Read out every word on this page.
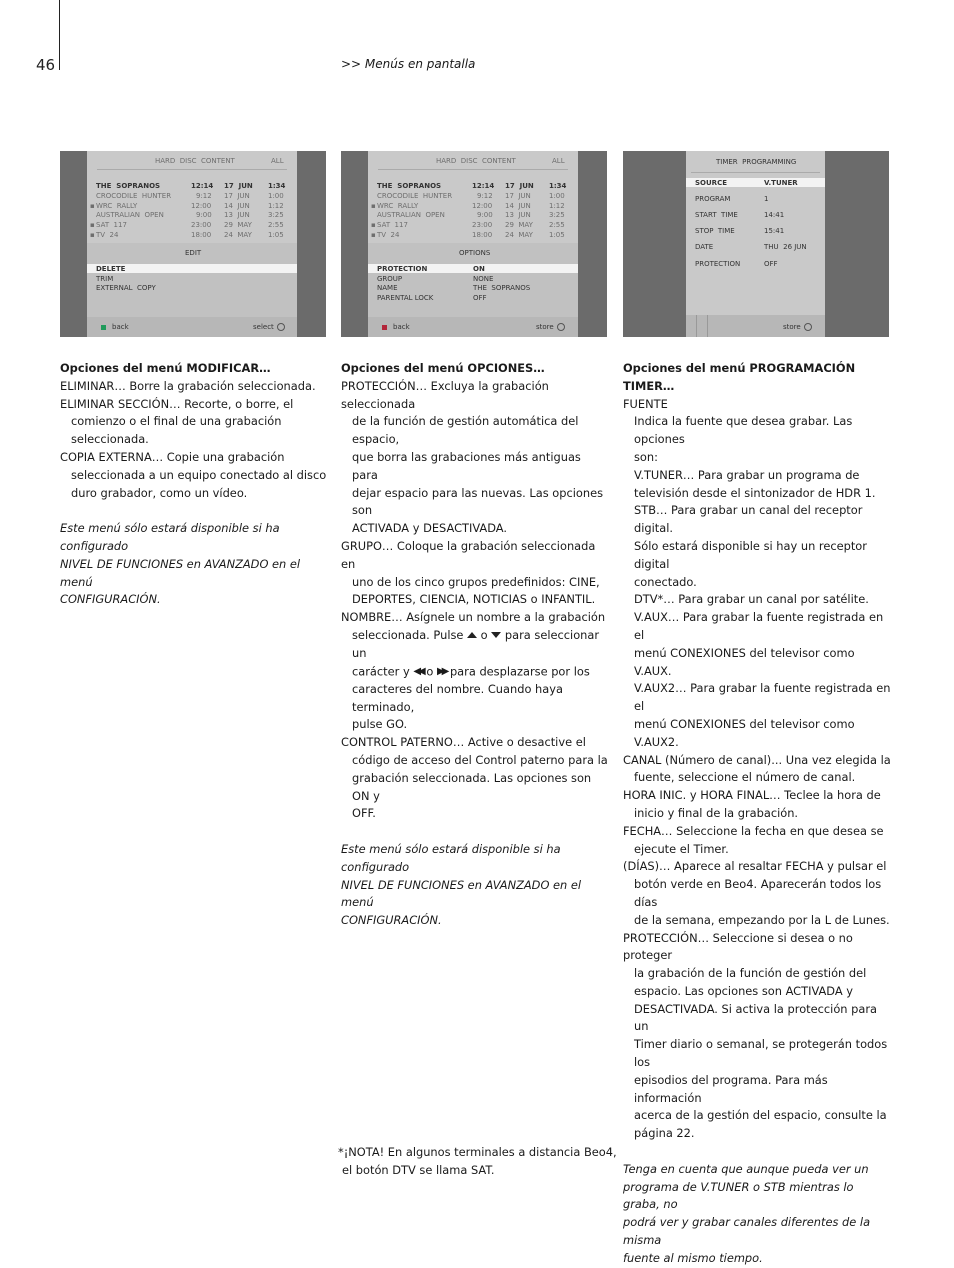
46	>> Menús en pantalla
HARD  DISC  CONTENT	ALL
THE  SOPRANOS	12:14 17  JUN 1:34
CROCODILE  HUNTER	9:12 17  JUN	1:00
▪ WRC  RALLY	12:00 14  JUN	1:12
AUSTRALIAN  OPEN	9:00 13  JUN	3:25
▪ SAT  117	23:00 29  MAY 2:55
▪ TV  24	18:00 24  MAY 1:05
EDIT
DELETE
TRIM
EXTERNAL  COPY
back	select
HARD  DISC  CONTENT	ALL
THE  SOPRANOS	12:14 17  JUN 1:34
CROCODILE  HUNTER	9:12 17  JUN	1:00
▪ WRC  RALLY	12:00 14  JUN	1:12
AUSTRALIAN  OPEN	9:00 13  JUN	3:25
▪ SAT  117	23:00 29  MAY 2:55
▪ TV  24	18:00 24  MAY 1:05
OPTIONS
PROTECTION	ON
GROUP	NONE
NAME	THE  SOPRANOS
PARENTAL LOCK	OFF
back	store
TIMER  PROGRAMMING
SOURCE	V.TUNER
PROGRAM	1
START  TIME	14:41
STOP  TIME	15:41
DATE	THU  26 JUN
PROTECTION	OFF
store

Opciones del menú MODIFICAR…

ELIMINAR… Borre la grabación seleccionada.

ELIMINAR SECCIÓN… Recorte, o borre, el

comienzo o el final de una grabación

seleccionada.

COPIA EXTERNA… Copie una grabación

seleccionada a un equipo conectado al disco

duro grabador, como un vídeo.

Este menú sólo estará disponible si ha configurado

NIVEL DE FUNCIONES en AVANZADO en el menú

CONFIGURACIÓN.

Opciones del menú OPCIONES…

PROTECCIÓN… Excluya la grabación seleccionada

de la función de gestión automática del espacio,

que borra las grabaciones más antiguas para

dejar espacio para las nuevas. Las opciones son

ACTIVADA y DESACTIVADA.

GRUPO… Coloque la grabación seleccionada en

uno de los cinco grupos predefinidos: CINE,

DEPORTES, CIENCIA, NOTICIAS o INFANTIL.

NOMBRE… Asígnele un nombre a la grabación

seleccionada. Pulse o para seleccionar un

carácter y ◀◀ o ▶▶ para desplazarse por los

caracteres del nombre. Cuando haya terminado,

pulse GO.

CONTROL PATERNO… Active o desactive el

código de acceso del Control paterno para la

grabación seleccionada. Las opciones son ON y

OFF.

Este menú sólo estará disponible si ha configurado

NIVEL DE FUNCIONES en AVANZADO en el menú

CONFIGURACIÓN.

Opciones del menú PROGRAMACIÓN TIMER…

FUENTE

Indica la fuente que desea grabar. Las opciones

son:

V.TUNER… Para grabar un programa de

televisión desde el sintonizador de HDR 1.

STB… Para grabar un canal del receptor digital.

Sólo estará disponible si hay un receptor digital

conectado.

DTV*… Para grabar un canal por satélite.

V.AUX… Para grabar la fuente registrada en el

menú CONEXIONES del televisor como V.AUX.

V.AUX2… Para grabar la fuente registrada en el

menú CONEXIONES del televisor como V.AUX2.

CANAL (Número de canal)... Una vez elegida la

fuente, seleccione el número de canal.

HORA INIC. y HORA FINAL… Teclee la hora de

inicio y final de la grabación.

FECHA… Seleccione la fecha en que desea se

ejecute el Timer.

(DÍAS)… Aparece al resaltar FECHA y pulsar el

botón verde en Beo4. Aparecerán todos los días

de la semana, empezando por la L de Lunes.

PROTECCIÓN… Seleccione si desea o no proteger

la grabación de la función de gestión del

espacio. Las opciones son ACTIVADA y

DESACTIVADA. Si activa la protección para un

Timer diario o semanal, se protegerán todos los

episodios del programa. Para más información

acerca de la gestión del espacio, consulte la

página 22.

Tenga en cuenta que aunque pueda ver un

programa de V.TUNER o STB mientras lo graba, no

podrá ver y grabar canales diferentes de la misma

fuente al mismo tiempo.

*¡NOTA! En algunos terminales a distancia Beo4,

el botón DTV se llama SAT.
